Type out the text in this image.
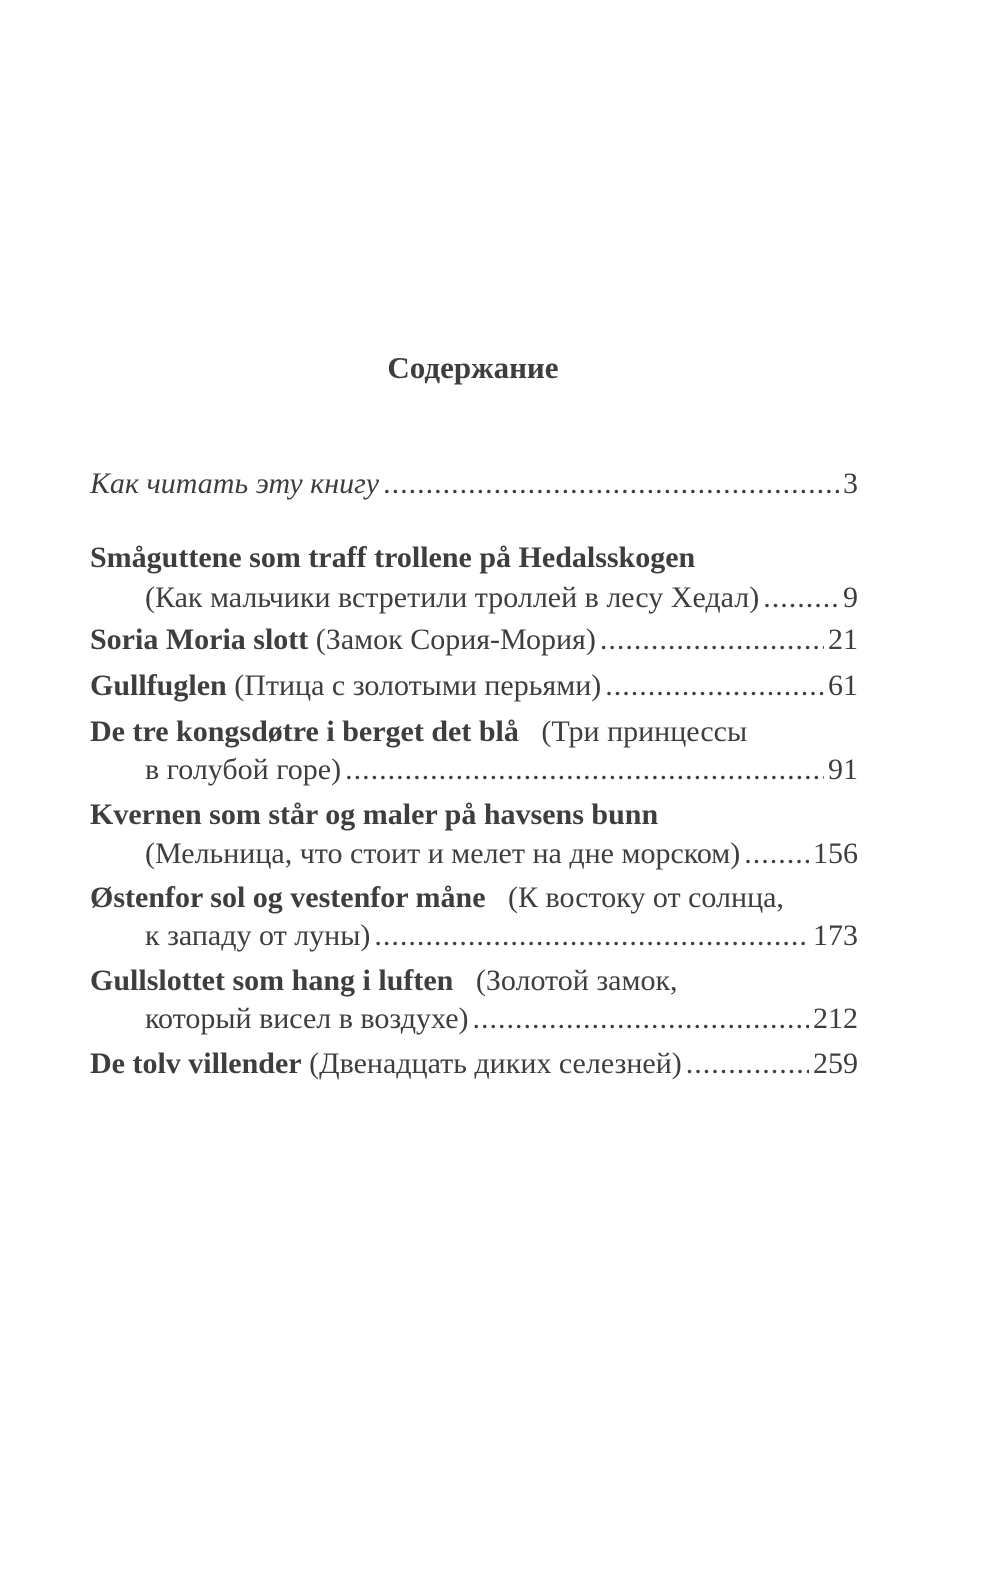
Содержание
Как читать эту книгу .....	3
Småguttene som traff trollene på Hedalsskogen
(Как мальчики встретили троллей в лесу Хедал) .....	9
Soria Moria slott
(Замок Сория-Мория) .....	21
Gullfuglen
(Птица с золотыми перьями) .....	61
De tre kongsdøtre i berget det blå (Три принцессы
в голубой горе) .....	91
Kvernen som står og maler på havsens bunn
(Мельница, что стоит и мелет на дне морском) ..... 156
Østenfor sol og vestenfor måne (К востоку от солнца,
к западу от луны) .....	173
Gullslottet som hang i luften (Золотой замок,
который висел в воздухе) .....	212
De tolv villender
(Двенадцать диких селезней) .....	259
